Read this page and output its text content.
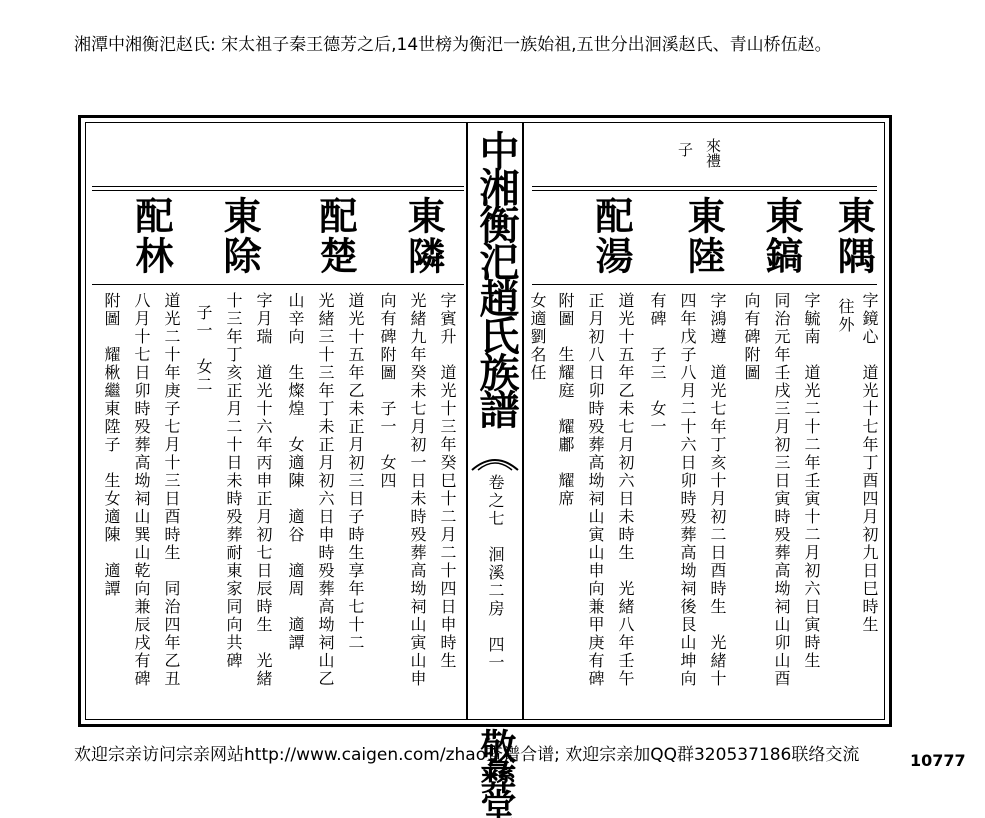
湘潭中湘衡汜赵氏: 宋太祖子秦王德芳之后,14世榜为衡汜一族始祖,五世分出洄溪赵氏、青山桥伍赵。
子 來禮
東隅
東鎬
東陸
配湯
字鏡心　道光十七年丁酉四月初九日巳時生
往外
字毓南　道光二十二年壬寅十二月初六日寅時生
同治元年壬戌三月初三日寅時殁葬高坳祠山卯山酉
向有碑附圖
字鴻遵　道光七年丁亥十月初二日酉時生　光緒十
四年戊子八月二十六日卯時殁葬高坳祠後艮山坤向
有碑　子三　女一
道光十五年乙未七月初六日未時生　光緒八年壬午
正月初八日卯時殁葬高坳祠山寅山申向兼甲庚有碑
附圖　生耀庭　耀鄘　耀席
女適劉名任
中湘衡汜趙氏族譜
卷之七　洄溪二房　四一
敬彝堂
東隣
配楚
東除
配林
字賓升　道光十三年癸巳十二月二十四日申時生
光緒九年癸未七月初一日未時殁葬高坳祠山寅山申
向有碑附圖　子一　女四
道光十五年乙未正月初三日子時生享年七十二
光緒三十三年丁未正月初六日申時殁葬高坳祠山乙
山辛向　生燦煌　女適陳　適谷　適周　適譚
字月瑞　道光十六年丙申正月初七日辰時生　光緒
十三年丁亥正月二十日未時殁葬耐東家同向共碑
子一　女二
道光二十年庚子七月十三日酉時生　同治四年乙丑
八月十七日卯時殁葬高坳祠山巽山乾向兼辰戌有碑
附圖　耀楸繼東陞子　生女適陳　適譚
欢迎宗亲访问宗亲网站http://www.caigen.com/zhao查谱合谱; 欢迎宗亲加QQ群320537186联络交流	10777
